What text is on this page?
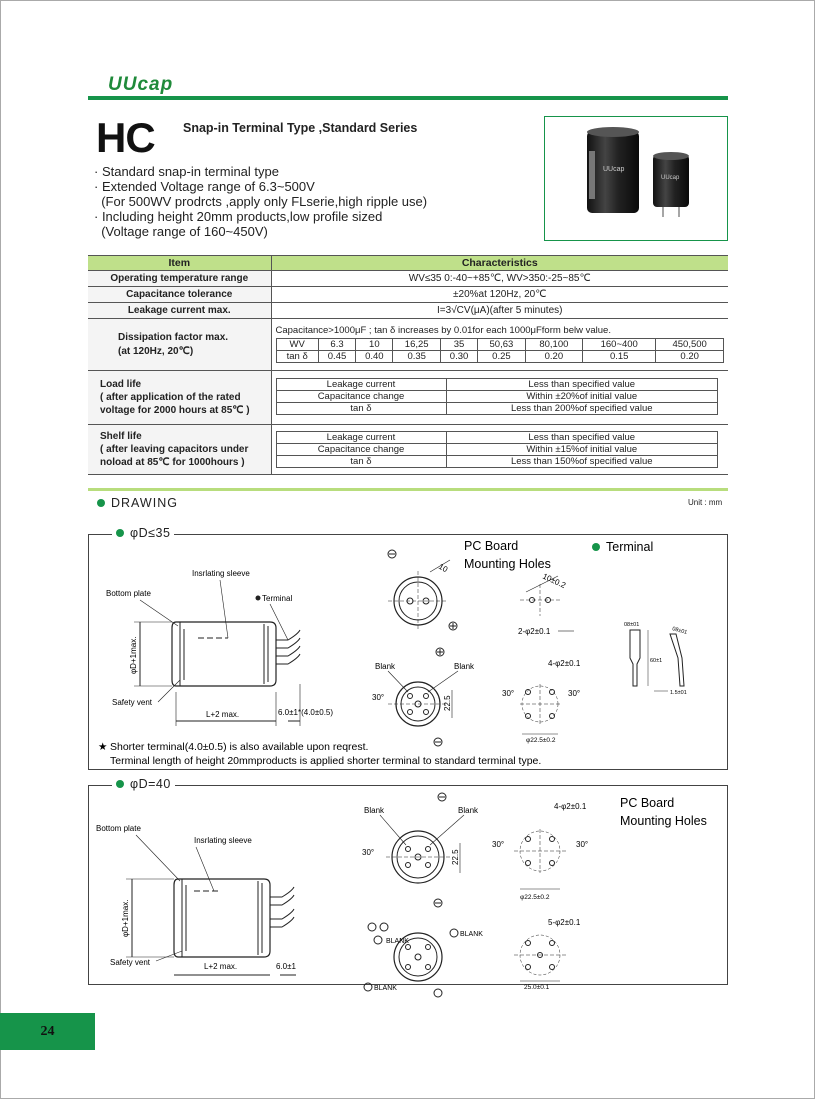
UUcap
HC Snap-in Terminal Type ,Standard Series
· Standard snap-in terminal type
· Extended Voltage range of 6.3~500V
(For 500WV prodrcts ,apply only FLserie,high ripple use)
· Including height 20mm products,low profile sized
(Voltage range of 160~450V)
UUcap
UUcap
Item	Characteristics
Operating temperature range	WV≤35 0:-40~+85℃, WV>350:-25~85℃
Capacitance tolerance	±20%at 120Hz, 20℃
Leakage current max.	I=3√CV(μA)(after 5 minutes)

Dissipation factor max.
(at 120Hz, 20℃)

Capacitance>1000μF ; tan δ increases by 0.01for each 1000μFform belw value.
WV	6.3	10	16,25	35	50,63	80,100	160~400	450,500
tan δ	0.45	0.40	0.35	0.30	0.25	0.20	0.15	0.20

Load life
( after application of the rated voltage for 2000 hours at 85℃ )

Leakage current	Less than specified value
Capacitance change	Within ±20%of initial value
tan δ	Less than 200%of specified value

Shelf life
( after leaving capacitors under noload at 85℃ for 1000hours )

Leakage current	Less than specified value
Capacitance change	Within ±15%of initial value
tan δ	Less than 150%of specified value
DRAWING	Unit : mm
φD≤35
φD+1max.
L+2 max.	6.0±1*(4.0±0.5)
Insrlating sleeve
Bottom plate
Terminal
Safety vent
10
Blank	Blank
22.5
30°
PC Board
Mounting Holes
Terminal
10±0.2
2-φ2±0.1
4-φ2±0.1
30°	30°
φ22.5±0.2
08±01
08±01
60±1
1.5±01
★ Shorter terminal(4.0±0.5) is also available upon reqrest.
Terminal length of height 20mmproducts is applied shorter terminal to standard terminal type.
φD=40
φD+1max.
L+2 max.	6.0±1
Bottom plate
Insrlating sleeve
Safety vent
Blank	Blank
22.5
30°
BLANK
BLANK
BLANK
PC Board
Mounting Holes
4-φ2±0.1
30°	30°
φ22.5±0.2
5-φ2±0.1
25.0±0.1
24
